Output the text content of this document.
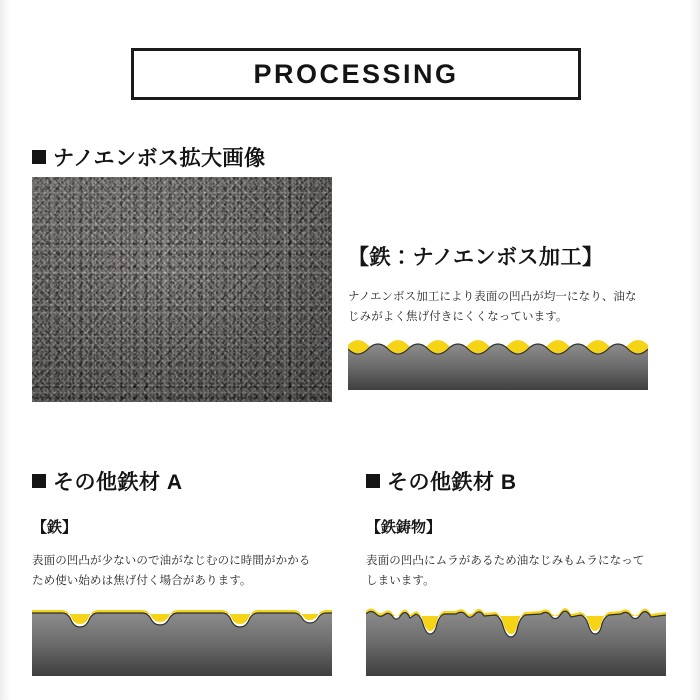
PROCESSING
ナノエンボス拡大画像
【鉄：ナノエンボス加工】
ナノエンボス加工により表面の凹凸が均一になり、油なじみがよく焦げ付きにくくなっています。
その他鉄材 A
【鉄】
表面の凹凸が少ないので油がなじむのに時間がかかるため使い始めは焦げ付く場合があります。
その他鉄材 B
【鉄鋳物】
表面の凹凸にムラがあるため油なじみもムラになってしまいます。
